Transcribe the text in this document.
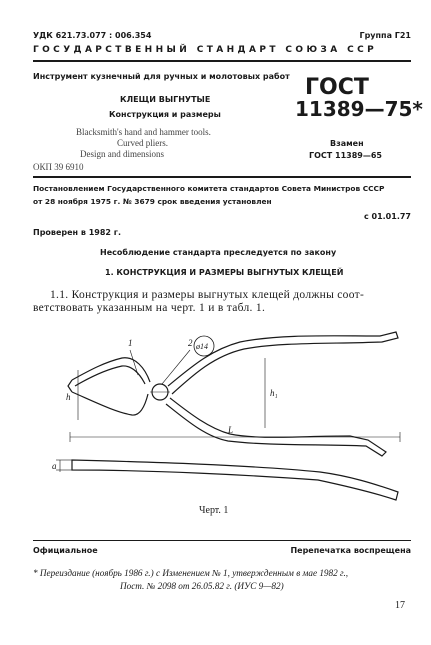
УДК 621.73.077 : 006.354	Группа Г21
ГОСУДАРСТВЕННЫЙ СТАНДАРТ СОЮЗА ССР
Инструмент кузнечный для ручных и молотовых работ
КЛЕЩИ ВЫГНУТЫЕ
Конструкция и размеры
Blacksmith's hand and hammer tools.
Curved pliers.
Design and dimensions
ОКП 39 6910
ГОСТ
11389—75*
Взамен
ГОСТ 11389—65
Постановлением Государственного комитета стандартов Совета Министров СССР
от 28 ноября 1975 г. № 3679 срок введения установлен
с 01.01.77
Проверен в 1982 г.
Несоблюдение стандарта преследуется по закону
1. КОНСТРУКЦИЯ И РАЗМЕРЫ ВЫГНУТЫХ КЛЕЩЕЙ
1.1. Конструкция и размеры выгнутых клещей должны соот-
ветствовать указанным на черт. 1 и в табл. 1.
1	2 ø14
h	h₁
L
a
Черт. 1
Официальное	Перепечатка воспрещена
* Переиздание (ноябрь 1986 г.) с Изменением № 1, утвержденным в мае 1982 г.,
Пост. № 2098 от 26.05.82 г. (ИУС 9—82)
17
